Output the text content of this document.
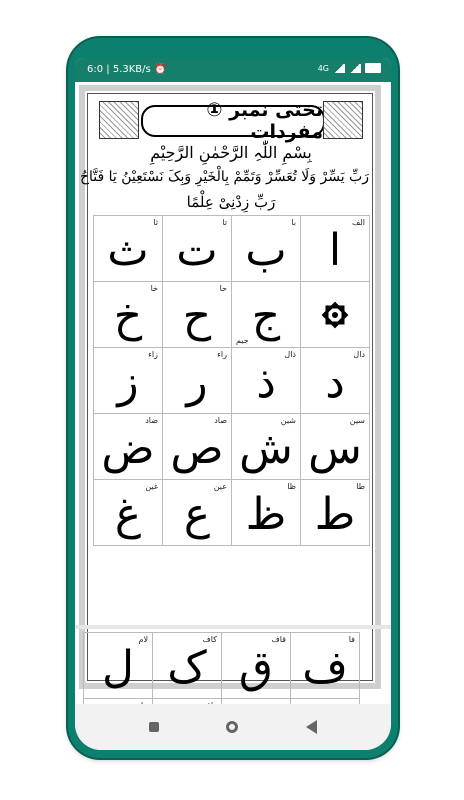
6:0 | 5.3KB/s ⏰	4G
تختی نمبر ① مفردات
بِسْمِ اللّٰہِ الرَّحْمٰنِ الرَّحِیْمِ
رَبِّ یَسِّرْ وَلَا تُعَسِّرْ وَتَمِّمْ بِالْخَیْرِ وَبِکَ نَسْتَعِیْنُ یَا فَتَّاحُ
رَبِّ زِدْنِیْ عِلْمًا
الف
ا
با
ب
تا
ت
ثا
ث
جیم ج
حا
ح
خا
خ
دال
د
ذال
ذ
راء
ر
زاء
ز
سین
س
شین
ش
صاد
ص
ضاد
ض
طا
ط
ظا
ظ
عین
ع
غین
غ
فا
ف
قاف
ق
کاف
ک
لام
ل
